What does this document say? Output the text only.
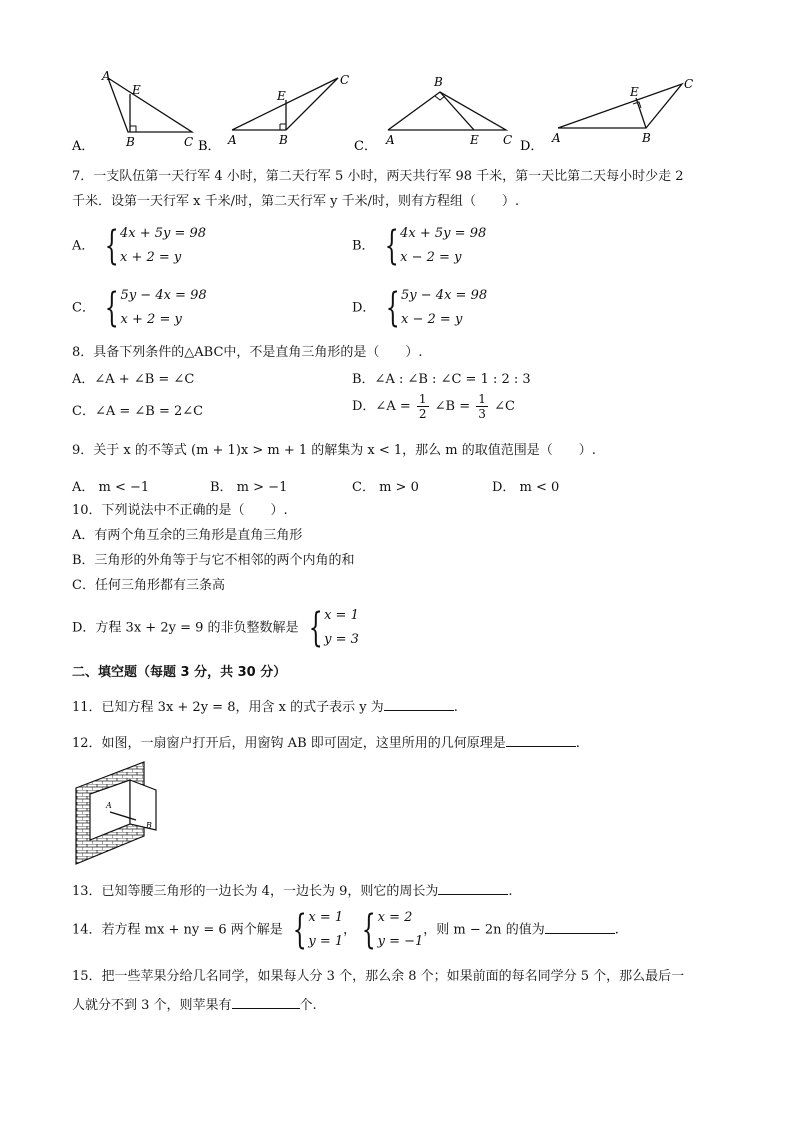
A
E
B	C
A．	A
E
B
C
B．
B
A	E C
C．
A
E
B
C
D．
7．一支队伍第一天行军 4 小时，第二天行军 5 小时，两天共行军 98 千米，第一天比第二天每小时少走 2
千米．设第一天行军 x 千米/时，第二天行军 y 千米/时，则有方程组（　　）.
A． { 4x + 5y = 98
x + 2 = y
B． { 4x + 5y = 98
x − 2 = y
C． { 5y − 4x = 98
x + 2 = y
D． { 5y − 4x = 98
x − 2 = y
8．具备下列条件的△ABC中，不是直角三角形的是（　　）.
A．∠A + ∠B = ∠C	B．∠A : ∠B : ∠C = 1 : 2 : 3
C．∠A = ∠B = 2∠C	D．∠A = $\frac{1}{2}$ ∠B = $\frac{1}{3}$ ∠C
9．关于 x 的不等式 (m + 1)x > m + 1 的解集为 x < 1，那么 m 的取值范围是（　　）.
A． m < −1	B． m > −1	C． m > 0	D． m < 0
10．下列说法中不正确的是（　　）.
A．有两个角互余的三角形是直角三角形
B．三角形的外角等于与它不相邻的两个内角的和
C．任何三角形都有三条高
D．方程 3x + 2y = 9 的非负整数解是 { x = 1
y = 3
二、填空题（每题 3 分，共 30 分）
11．已知方程 3x + 2y = 8，用含 x 的式子表示 y 为	.
12．如图，一扇窗户打开后，用窗钩 AB 即可固定，这里所用的几何原理是	.
A
B
13．已知等腰三角形的一边长为 4，一边长为 9，则它的周长为	.
14．若方程 mx + ny = 6 两个解是 { x = 1
y = 1
， { x = 2
y = −1
，则 m − 2n 的值为	.
15．把一些苹果分给几名同学，如果每人分 3 个，那么余 8 个；如果前面的每名同学分 5 个，那么最后一
人就分不到 3 个，则苹果有	个.
